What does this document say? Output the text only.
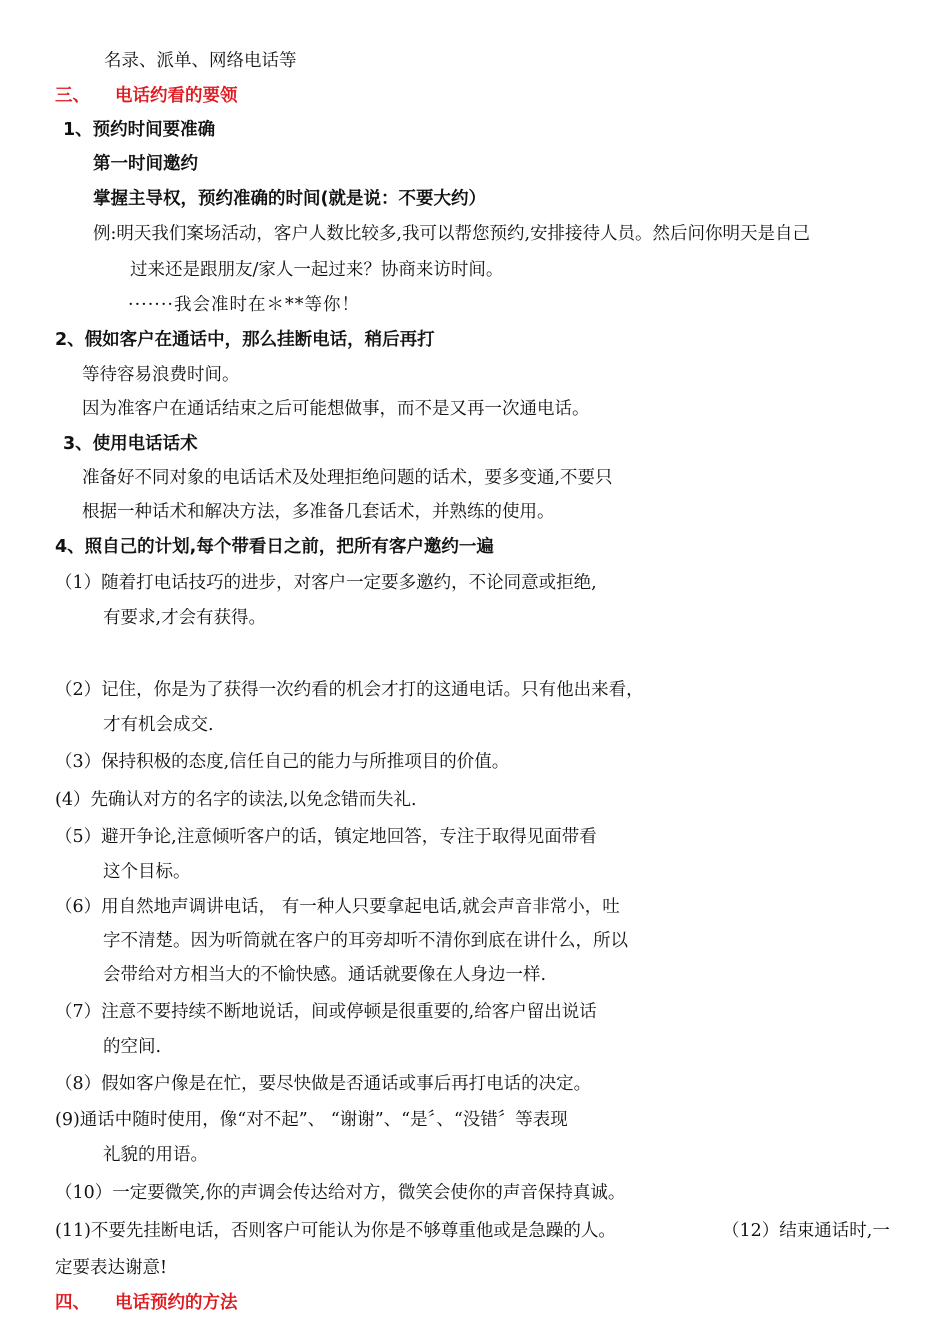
名录、派单、网络电话等
三、 电话约看的要领
1、预约时间要准确
第一时间邀约
掌握主导权，预约准确的时间(就是说：不要大约）
例:明天我们案场活动，客户人数比较多,我可以帮您预约,安排接待人员。然后问你明天是自己
过来还是跟朋友/家人一起过来？协商来访时间。
·······我会准时在＊**等你！
2、假如客户在通话中，那么挂断电话，稍后再打
等待容易浪费时间。
因为准客户在通话结束之后可能想做事，而不是又再一次通电话。
3、使用电话话术
准备好不同对象的电话话术及处理拒绝问题的话术，要多变通,不要只
根据一种话术和解决方法，多准备几套话术，并熟练的使用。
4、照自己的计划,每个带看日之前，把所有客户邀约一遍
（1）随着打电话技巧的进步，对客户一定要多邀约，不论同意或拒绝,
有要求,才会有获得。
（2）记住，你是为了获得一次约看的机会才打的这通电话。只有他出来看，
才有机会成交.
（3）保持积极的态度,信任自己的能力与所推项目的价值。
(4）先确认对方的名字的读法,以免念错而失礼.
（5）避开争论,注意倾听客户的话，镇定地回答，专注于取得见面带看
这个目标。
（6）用自然地声调讲电话， 有一种人只要拿起电话,就会声音非常小，吐
字不清楚。因为听筒就在客户的耳旁却听不清你到底在讲什么，所以
会带给对方相当大的不愉快感。通话就要像在人身边一样.
（7）注意不要持续不断地说话，间或停顿是很重要的,给客户留出说话
的空间.
（8）假如客户像是在忙，要尽快做是否通话或事后再打电话的决定。
(9)通话中随时使用，像“对不起”、 “谢谢”、“是〞、“没错〞等表现
礼貌的用语。
（10）一定要微笑,你的声调会传达给对方，微笑会使你的声音保持真诚。
(11)不要先挂断电话，否则客户可能认为你是不够尊重他或是急躁的人。	（12）结束通话时,一
定要表达谢意!
四、 电话预约的方法
